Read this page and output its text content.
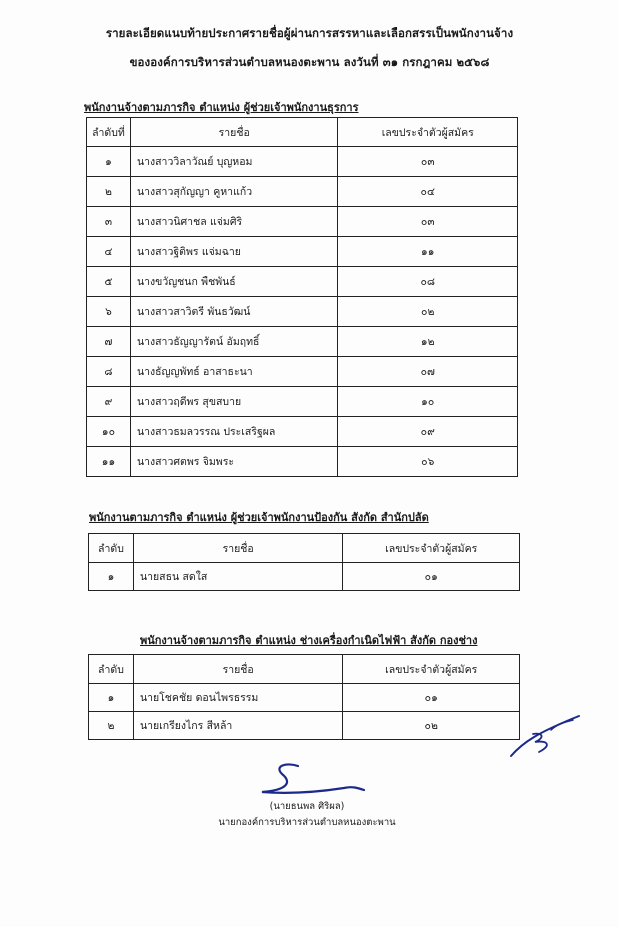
รายละเอียดแนบท้ายประกาศรายชื่อผู้ผ่านการสรรหาและเลือกสรรเป็นพนักงานจ้าง
ขององค์การบริหารส่วนตำบลหนองตะพาน ลงวันที่ ๓๑ กรกฎาคม ๒๕๖๘
พนักงานจ้างตามภารกิจ ตำแหน่ง ผู้ช่วยเจ้าพนักงานธุรการ
ลำดับที่	รายชื่อ	เลขประจำตัวผู้สมัคร
๑	นางสาววิลาวัณย์ บุญหอม	๐๓
๒	นางสาวสุกัญญา คูหาแก้ว	๐๔
๓	นางสาวนิศาชล แจ่มศิริ	๐๓
๔	นางสาวฐิติพร แจ่มฉาย	๑๑
๕	นางขวัญชนก พืชพันธ์	๐๘
๖	นางสาวสาวิตรี พันธวัฒน์	๐๒
๗	นางสาวธัญญารัตน์ อัมฤทธิ์	๑๒
๘	นางธัญญพัทธ์ อาสาธะนา	๐๗
๙	นางสาวฤดีพร สุขสบาย	๑๐
๑๐	นางสาวธมลวรรณ ประเสริฐผล	๐๙
๑๑	นางสาวศตพร จิมพระ	๐๖
พนักงานตามภารกิจ ตำแหน่ง ผู้ช่วยเจ้าพนักงานป้องกัน สังกัด สำนักปลัด
ลำดับ	รายชื่อ	เลขประจำตัวผู้สมัคร
๑	นายสธน สดใส	๐๑
พนักงานจ้างตามภารกิจ ตำแหน่ง ช่างเครื่องกำเนิดไฟฟ้า สังกัด กองช่าง
ลำดับ	รายชื่อ	เลขประจำตัวผู้สมัคร
๑	นายโชคชัย ดอนไพรธรรม	๐๑
๒	นายเกรียงไกร สีหล้า	๐๒
(นายธนพล ศิริผล)
นายกองค์การบริหารส่วนตำบลหนองตะพาน
